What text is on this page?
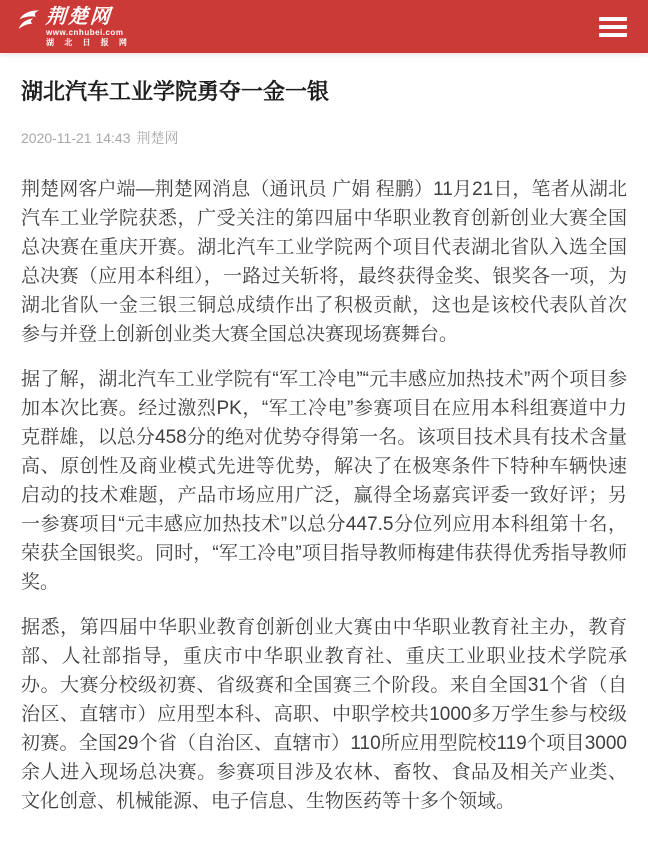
荆楚网
www.cnhubei.com
湖 北 日 报 网
湖北汽车工业学院勇夺一金一银
2020-11-21 14:43 荆楚网

荆楚网客户端—荆楚网消息（通讯员 广娟 程鹏）11月21日，笔者从湖北汽车工业学院获悉，广受关注的第四届中华职业教育创新创业大赛全国总决赛在重庆开赛。湖北汽车工业学院两个项目代表湖北省队入选全国总决赛（应用本科组），一路过关斩将，最终获得金奖、银奖各一项，为湖北省队一金三银三铜总成绩作出了积极贡献，这也是该校代表队首次参与并登上创新创业类大赛全国总决赛现场赛舞台。

据了解，湖北汽车工业学院有“军工冷电”“元丰感应加热技术”两个项目参加本次比赛。经过激烈PK，“军工冷电”参赛项目在应用本科组赛道中力克群雄，以总分458分的绝对优势夺得第一名。该项目技术具有技术含量高、原创性及商业模式先进等优势，解决了在极寒条件下特种车辆快速启动的技术难题，产品市场应用广泛，赢得全场嘉宾评委一致好评；另一参赛项目“元丰感应加热技术”以总分447.5分位列应用本科组第十名，荣获全国银奖。同时，“军工冷电”项目指导教师梅建伟获得优秀指导教师奖。

据悉，第四届中华职业教育创新创业大赛由中华职业教育社主办，教育部、人社部指导，重庆市中华职业教育社、重庆工业职业技术学院承办。大赛分校级初赛、省级赛和全国赛三个阶段。来自全国31个省（自治区、直辖市）应用型本科、高职、中职学校共1000多万学生参与校级初赛。全国29个省（自治区、直辖市）110所应用型院校119个项目3000余人进入现场总决赛。参赛项目涉及农林、畜牧、食品及相关产业类、文化创意、机械能源、电子信息、生物医药等十多个领域。
